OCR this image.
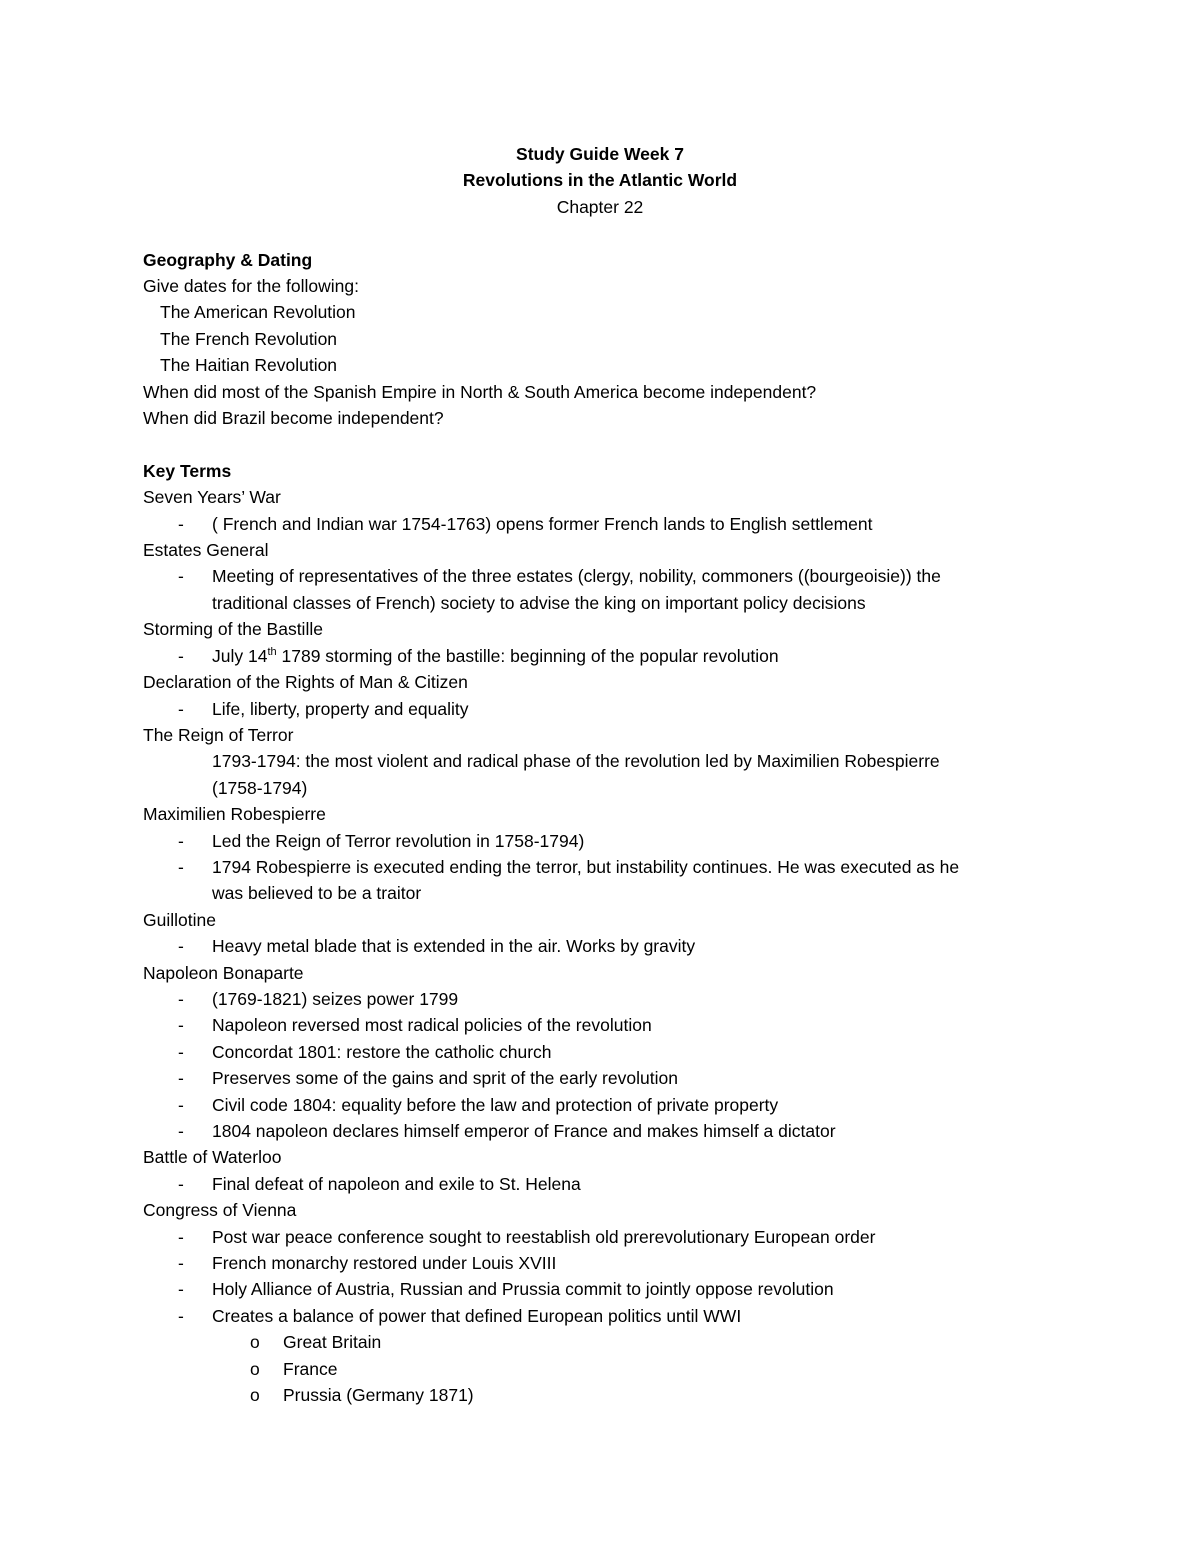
Study Guide Week 7
Revolutions in the Atlantic World
Chapter 22
Geography & Dating
Give dates for the following:
The American Revolution
The French Revolution
The Haitian Revolution
When did most of the Spanish Empire in North & South America become independent?
When did Brazil become independent?
Key Terms
Seven Years’ War
-	( French and Indian war 1754-1763) opens former French lands to English settlement
Estates General
-	Meeting of representatives of the three estates (clergy, nobility, commoners ((bourgeoisie)) the
traditional classes of French) society to advise the king on important policy decisions
Storming of the Bastille
-	July 14th 1789 storming of the bastille: beginning of the popular revolution
Declaration of the Rights of Man & Citizen
-	Life, liberty, property and equality
The Reign of Terror
1793-1794: the most violent and radical phase of the revolution led by Maximilien Robespierre
(1758-1794)
Maximilien Robespierre
-	Led the Reign of Terror revolution in 1758-1794)
-	1794 Robespierre is executed ending the terror, but instability continues. He was executed as he
was believed to be a traitor
Guillotine
-	Heavy metal blade that is extended in the air. Works by gravity
Napoleon Bonaparte
-	(1769-1821) seizes power 1799
-	Napoleon reversed most radical policies of the revolution
-	Concordat 1801: restore the catholic church
-	Preserves some of the gains and sprit of the early revolution
-	Civil code 1804: equality before the law and protection of private property
-	1804 napoleon declares himself emperor of France and makes himself a dictator
Battle of Waterloo
-	Final defeat of napoleon and exile to St. Helena
Congress of Vienna
-	Post war peace conference sought to reestablish old prerevolutionary European order
-	French monarchy restored under Louis XVIII
-	Holy Alliance of Austria, Russian and Prussia commit to jointly oppose revolution
-	Creates a balance of power that defined European politics until WWI
o	Great Britain
o	France
o	Prussia (Germany 1871)
